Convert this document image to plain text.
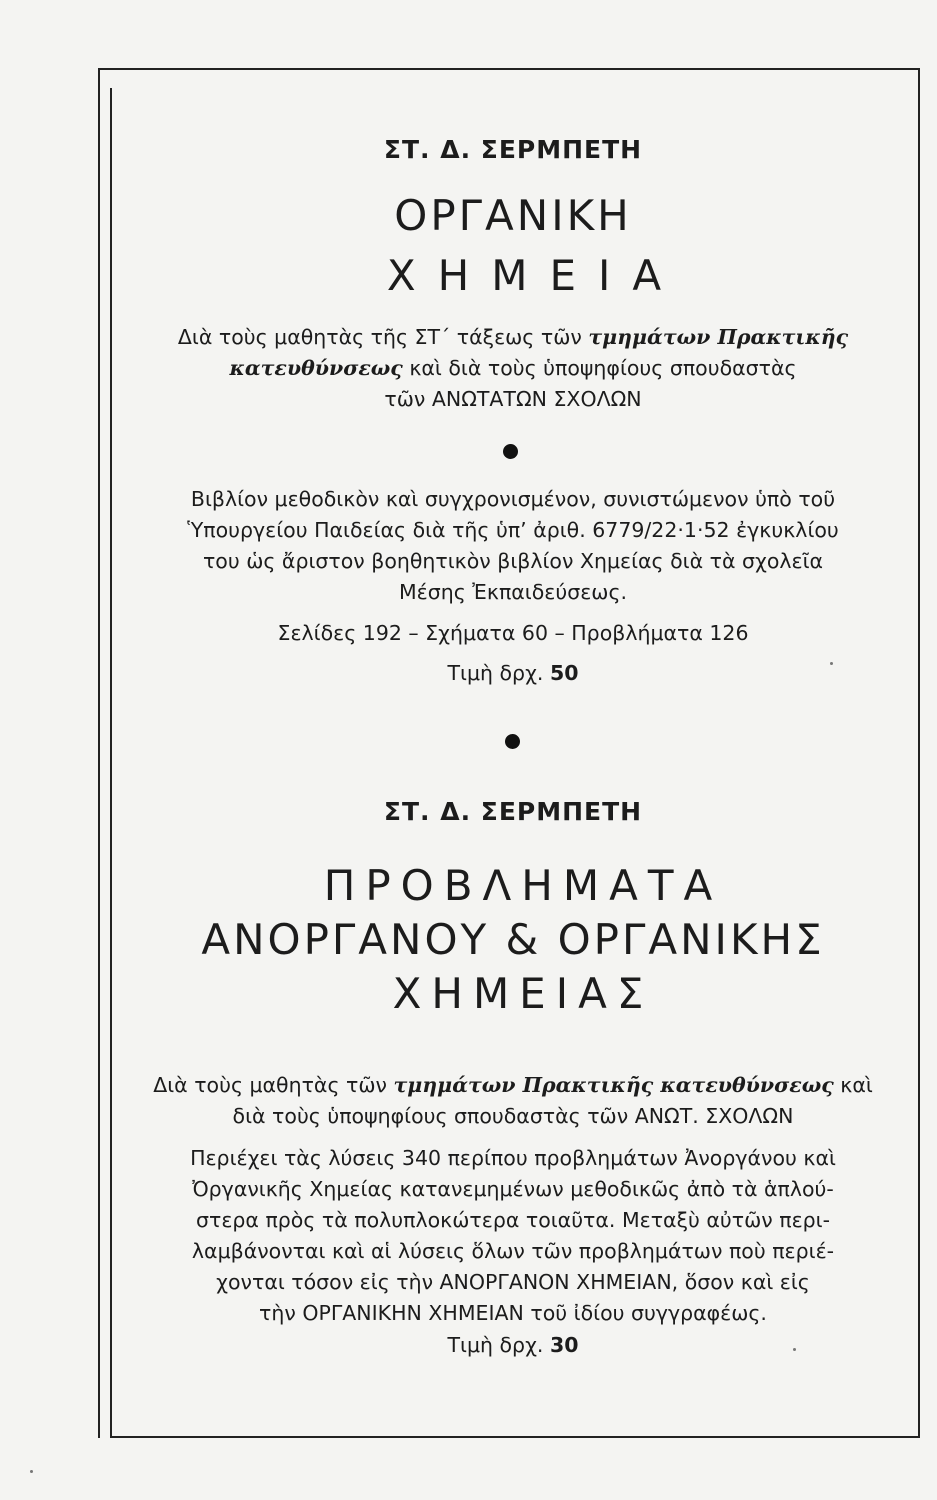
ΣΤ. Δ. ΣΕΡΜΠΕΤΗ
ΟΡΓΑΝΙΚΗ
ΧΗΜΕΙΑ
Διὰ τοὺς μαθητὰς τῆς ΣΤ΄ τάξεως τῶν τμημάτων Πρακτικῆς
κατευθύνσεως καὶ διὰ τοὺς ὑποψηφίους σπουδαστὰς
τῶν ΑΝΩΤΑΤΩΝ ΣΧΟΛΩΝ
Βιβλίον μεθοδικὸν καὶ συγχρονισμένον, συνιστώμενον ὑπὸ τοῦ
Ὑπουργείου Παιδείας διὰ τῆς ὑπ’ ἀριθ. 6779/22·1·52 ἐγκυκλίου
του ὡς ἄριστον βοηθητικὸν βιβλίον Χημείας διὰ τὰ σχολεῖα
Μέσης Ἐκπαιδεύσεως.
Σελίδες 192 – Σχήματα 60 – Προβλήματα 126
Τιμὴ δρχ. 50
ΣΤ. Δ. ΣΕΡΜΠΕΤΗ
ΠΡΟΒΛΗΜΑΤΑ
ΑΝΟΡΓΑΝΟΥ & ΟΡΓΑΝΙΚΗΣ
ΧΗΜΕΙΑΣ
Διὰ τοὺς μαθητὰς τῶν τμημάτων Πρακτικῆς κατευθύνσεως καὶ
διὰ τοὺς ὑποψηφίους σπουδαστὰς τῶν ΑΝΩΤ. ΣΧΟΛΩΝ
Περιέχει τὰς λύσεις 340 περίπου προβλημάτων Ἀνοργάνου καὶ
Ὀργανικῆς Χημείας κατανεμημένων μεθοδικῶς ἀπὸ τὰ ἁπλού-
στερα πρὸς τὰ πολυπλοκώτερα τοιαῦτα. Μεταξὺ αὐτῶν περι-
λαμβάνονται καὶ αἱ λύσεις ὅλων τῶν προβλημάτων ποὺ περιέ-
χονται τόσον εἰς τὴν ΑΝΟΡΓΑΝΟΝ ΧΗΜΕΙΑΝ, ὅσον καὶ εἰς
τὴν ΟΡΓΑΝΙΚΗΝ ΧΗΜΕΙΑΝ τοῦ ἰδίου συγγραφέως.
Τιμὴ δρχ. 30
